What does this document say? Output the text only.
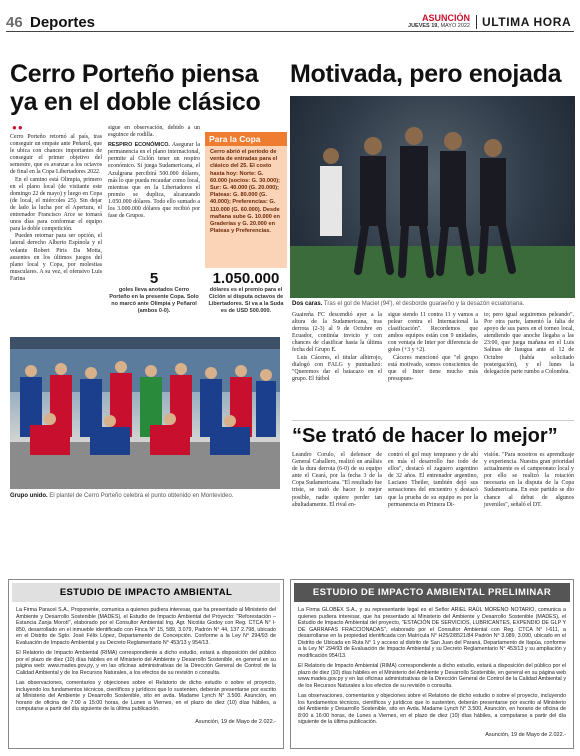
46 Deportes	ASUNCIÓN
JUEVES 19, MAYO 2022	ULTIMA HORA
Cerro Porteño piensa ya en el doble clásico
●●

Cerro Porteño retornó al país, tras conseguir un empate ante Peñarol, que le ubica con chances importantes de conseguir el primer objetivo del semestre, que es avanzar a los octavos de final en la Copa Libertadores 2022.

En el camino está Olimpia, primero en el plano local (de visitante este domingo 22 de mayo) y luego en Copa (de local, el miércoles 25). Sin dejar de lado la lucha por el Apertura, el entrenador Francisco Arce se tomará unos días para conformar el equipo para la doble competición.

Pueden retornar para ser opción, el lateral derecho Alberto Espínola y el volante Robert Piris Da Motta, ausentes en los últimos juegos del plano local y Copa, por molestias musculares. A su vez, el ofensivo Luis Farina

sigue en observación, debido a un esguince de rodilla.

RESPIRO ECONÓMICO. Asegurar la permanencia en el plano internacional, permite al Ciclón tener un respiro económico. Si juega Sudamericana, el Azulgrana percibirá 500.000 dólares, más lo que pueda recaudar como local, mientras que en la Libertadores el premio se duplica, alcanzando 1.050.000 dólares. Todo ello sumado a los 3.000.000 dólares que recibió por fase de Grupos.

Para la Copa
Cerro abrió el período de venta de entradas para el clásico del 25. El costo hasta hoy: Norte: G. 60.000 (socios: G. 30.000); Sur: G. 40.000 (G. 20.000); Plateas: G. 80.000 (G. 40.000); Preferencias: G. 110.000 (G. 60.000). Desde mañana sube G. 10.000 en Graderías y G. 20.000 en Plateas y Preferencias.
5
goles lleva anotados Cerro Porteño en la presente Copa. Solo no marcó ante Olimpia y Peñarol (ambos 0-0).
1.050.000
dólares es el premio para el Ciclón si disputa octavos de Libertadores. Si va a la Suda es de USD 500.000.
Grupo unido. El plantel de Cerro Porteño celebra el punto obtenido en Montevideo.
Motivada, pero enojada
Dos caras. Tras el gol de Maciel (94'), el desborde guaraeño y la desazón ecuatoriana.

Guaireña FC descendió ayer a la altura de la Sudamericana, tras derrota (2-3) al 9 de Octubre en Ecuador, continúa invicto y con chances de clasificar hasta la última fecha del Grupo E.

Luis Cáceres, el titular albirrojo, dialogó con FALG y puntualizó: "Queremos dar el batacazo en el grupo. El fútbol

sigue siendo 11 contra 11 y vamos a pelear contra el Internacional la clasificación". Recordemos que ambos equipos están con 9 unidades, con ventaja de Inter por diferencia de goles (+3 y +2).

Cáceres mencionó que "el grupo está motivado, somos conscientes de que el Inter tiene mucho más presupues-

to; pero igual seguiremos peleando". Por otra parte, lamentó la falta de apoyo de sus pares en el torneo local, atendiendo que anoche llegaba a las 23:00, que juega mañana en el Luis Salinas de Itaugua ante el 12 de Octubre (había solicitado postergación), y el lunes la delegación parte rumbo a Colombia.

“Se trató de hacer lo mejor”

Leandro Corulo, el defensor de General Caballero, realizó un análisis de la dura derrota (6-0) de su equipo ante el Ceará, por la fecha 3 de la Copa Sudamericana. "El resultado fue triste, se trató de hacer lo mejor posible, nadie quiere perder tan abultadamente. El rival en-

contró el gol muy temprano y de ahí en más el desarrollo fue todo de ellos", destacó el zaguero argentino de 32 años. El entrenador argentino, Luciano Theiler, también dejó sus sensaciones del encuentro y destacó que la prueba de su equipo es por la permanencia en Primera Di-

visión. "Para nosotros es aprendizaje y experiencia. Nuestra gran prioridad actualmente es el campeonato local y por ello se realizó la rotación necesaria en la disputa de la Copa Sudamericana. En este partido se dio chance al debut de algunos juveniles", señaló el DT.

ESTUDIO DE IMPACTO AMBIENTAL

La Firma Paracel S.A., Proponente, comunica a quienes pudiera interesar, que ha presentado al Ministerio del Ambiente y Desarrollo Sostenible (MADES), el Estudio de Impacto Ambiental del Proyecto: "Reforestación – Estancia Zanja Morotí", elaborado por el Consultor Ambiental Ing. Agr. Nicolás Godoy con Reg. CTCA N° I-850, desarrollado en el inmueble identificado con Finca N° 15, 589, 3.079, Padrón N° 44, 137 2.798, ubicado en el Distrito de Sgto. José Félix López, Departamento de Concepción. Conforme a la Ley N° 294/93 de Evaluación de Impacto Ambiental y su Decreto Reglamentario N° 453/13 y 954/13.

El Relatorio de Impacto Ambiental (RIMA) correspondiente a dicho estudio, estará a disposición del público por el plazo de diez (10) días hábiles en el Ministerio del Ambiente y Desarrollo Sostenible, en general en su página web: www.mades.gov.py, y en las oficinas administrativas de la Dirección General de Control de la Calidad Ambiental y de los Recursos Naturales, a los efectos de su revisión o consulta.

Las observaciones, comentarios y objeciones sobre el Relatorio de dicho estudio o sobre el proyecto, incluyendo los fundamentos técnicos, científicos y jurídicos que lo sustenten, deberán presentarse por escrito al Ministerio del Ambiente y Desarrollo Sostenible, sito en avda. Madame Lynch N° 3.500. Asunción, en horario de oficina de 7:00 a 15:00 horas, de Lunes a Viernes, en el plazo de diez (10) días hábiles, a computarse a partir del día siguiente de la última publicación.

Asunción, 19 de Mayo de 2.022.-
ESTUDIO DE IMPACTO AMBIENTAL PRELIMINAR

La Firma GLOBEX S.A., y su representante legal es el Señor ARIEL RAÚL MORENO NOTARIO, comunica a quienes pudiera interesar, que ha presentado al Ministerio del Ambiente y Desarrollo Sostenible (MADES), el Estudio de Impacto Ambiental del proyecto, "ESTACIÓN DE SERVICIOS, LUBRICANTES, EXPENDIO DE GLP Y DE GARRAFAS FRACCIONADAS", elaborado por el Consultor Ambiental con Reg. CTCA N° I-611, a desarrollarse en la propiedad identificada con Matrícula N° H25/2/8521/84 Padrón N° 3.089, 3.090, ubicado en el Distrito de Ubicada en Ruta N° 1 y acceso al distrito de San Juan del Paraná, Departamento de Itapúa, conforme a la Ley N° 294/93 de Evaluación de Impacto Ambiental y su Decreto Reglamentario N° 453/13 y su ampliación y modificación 954/13.

El Relatorio de Impacto Ambiental (RIMA) correspondiente a dicho estudio, estará a disposición del público por el plazo de diez (10) días hábiles en el Ministerio del Ambiente y Desarrollo Sostenible, en general en su página web www.mades.gov.py y en las oficinas administrativas de la Dirección General de Control de la Calidad Ambiental y de los Recursos Naturales a los efectos de su revisión o consulta.

Las observaciones, comentarios y objeciones sobre el Relatorio de dicho estudio o sobre el proyecto, incluyendo los fundamentos técnicos, científicos y jurídicos que lo sustenten, deberán presentarse por escrito al Ministerio del Ambiente y Desarrollo Sostenible, sito en Avda. Madame Lynch N° 3.500, Asunción, en horario de oficina de 8:00 a 16:00 horas, de Lunes a Viernes, en el plazo de diez (10) días hábiles, a computarse a partir del día siguiente de la última publicación.

Asunción, 19 de Mayo de 2.022.-
